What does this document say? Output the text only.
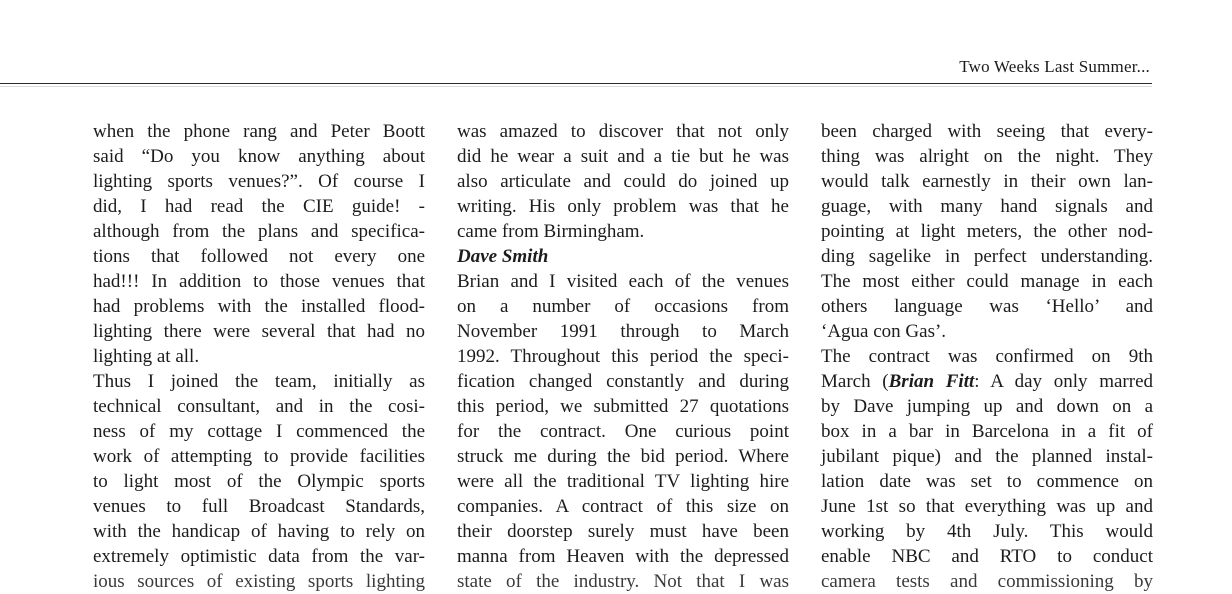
Two Weeks Last Summer...
when the phone rang and Peter Boott
said “Do you know anything about
lighting sports venues?”. Of course I
did, I had read the CIE guide! -
although from the plans and specifica-
tions that followed not every one
had!!! In addition to those venues that
had problems with the installed flood-
lighting there were several that had no
lighting at all.
Thus I joined the team, initially as
technical consultant, and in the cosi-
ness of my cottage I commenced the
work of attempting to provide facilities
to light most of the Olympic sports
venues to full Broadcast Standards,
with the handicap of having to rely on
extremely optimistic data from the var-
ious sources of existing sports lighting
was amazed to discover that not only
did he wear a suit and a tie but he was
also articulate and could do joined up
writing. His only problem was that he
came from Birmingham.
Dave Smith
Brian and I visited each of the venues
on a number of occasions from
November 1991 through to March
1992. Throughout this period the speci-
fication changed constantly and during
this period, we submitted 27 quotations
for the contract. One curious point
struck me during the bid period. Where
were all the traditional TV lighting hire
companies. A contract of this size on
their doorstep surely must have been
manna from Heaven with the depressed
state of the industry. Not that I was
been charged with seeing that every-
thing was alright on the night. They
would talk earnestly in their own lan-
guage, with many hand signals and
pointing at light meters, the other nod-
ding sagelike in perfect understanding.
The most either could manage in each
others language was ‘Hello’ and
‘Agua con Gas’.
The contract was confirmed on 9th
March (Brian Fitt: A day only marred
by Dave jumping up and down on a
box in a bar in Barcelona in a fit of
jubilant pique) and the planned instal-
lation date was set to commence on
June 1st so that everything was up and
working by 4th July. This would
enable NBC and RTO to conduct
camera tests and commissioning by
